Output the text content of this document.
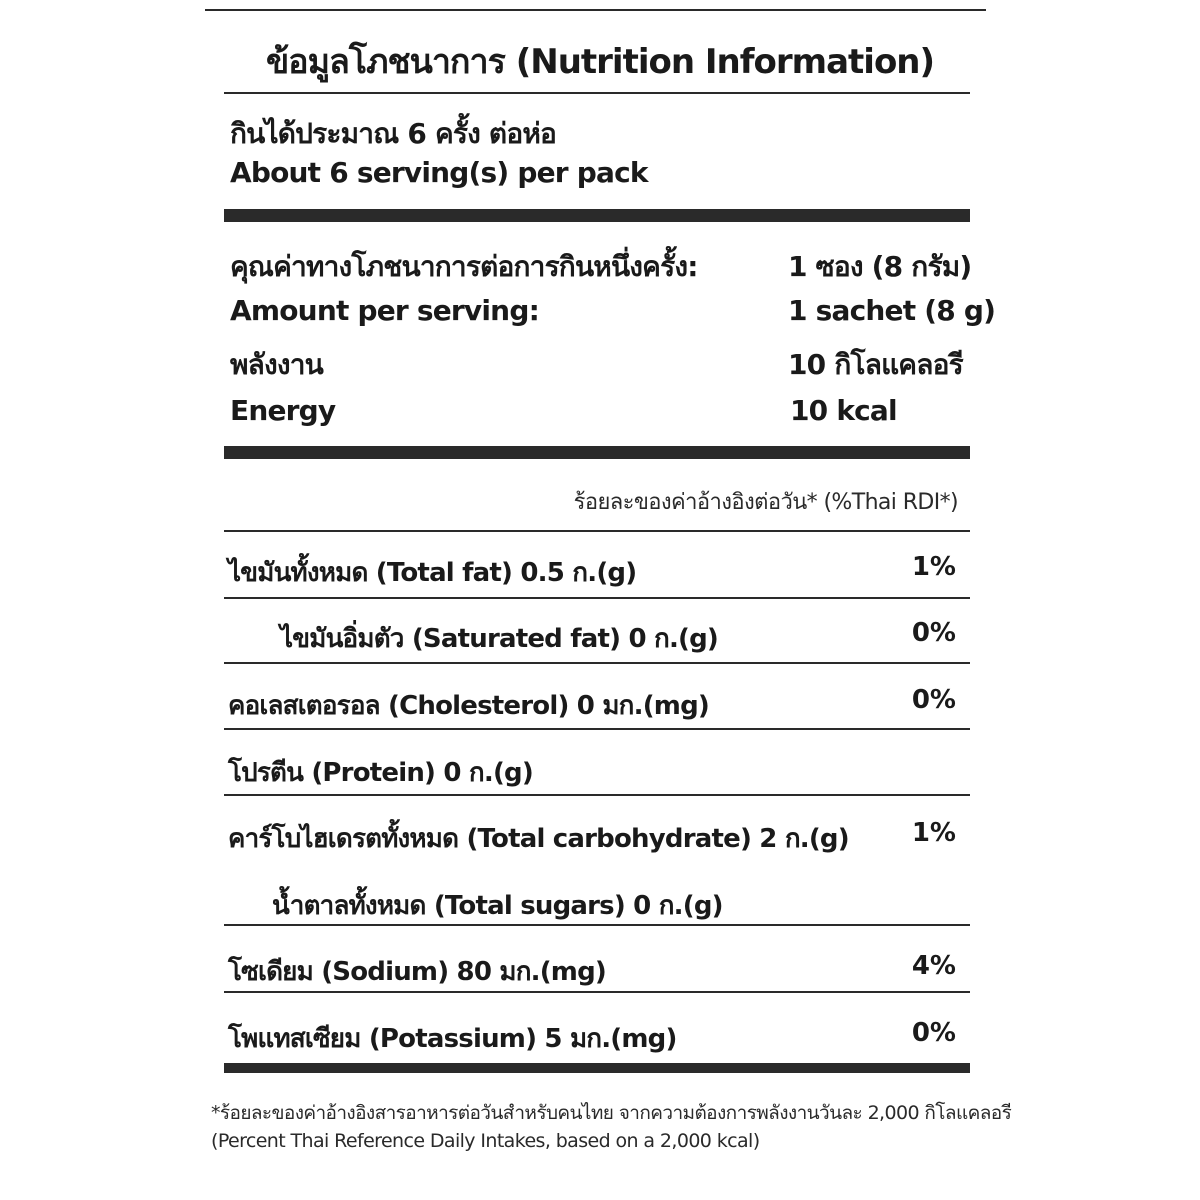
ข้อมูลโภชนาการ (Nutrition Information)
กินได้ประมาณ 6 ครั้ง ต่อห่อ
About 6 serving(s) per pack
คุณค่าทางโภชนาการต่อการกินหนึ่งครั้ง:	1 ซอง (8 กรัม)
Amount per serving:	1 sachet (8 g)
พลังงาน	10 กิโลแคลอรี
Energy	10 kcal
ร้อยละของค่าอ้างอิงต่อวัน* (%Thai RDI*)
ไขมันทั้งหมด (Total fat) 0.5 ก.(g)	1%
ไขมันอิ่มตัว (Saturated fat) 0 ก.(g)	0%
คอเลสเตอรอล (Cholesterol) 0 มก.(mg)	0%
โปรตีน (Protein) 0 ก.(g)
คาร์โบไฮเดรตทั้งหมด (Total carbohydrate) 2 ก.(g)	1%
น้ำตาลทั้งหมด (Total sugars) 0 ก.(g)
โซเดียม (Sodium) 80 มก.(mg)	4%
โพแทสเซียม (Potassium) 5 มก.(mg)	0%
*ร้อยละของค่าอ้างอิงสารอาหารต่อวันสำหรับคนไทย จากความต้องการพลังงานวันละ 2,000 กิโลแคลอรี
(Percent Thai Reference Daily Intakes, based on a 2,000 kcal)
